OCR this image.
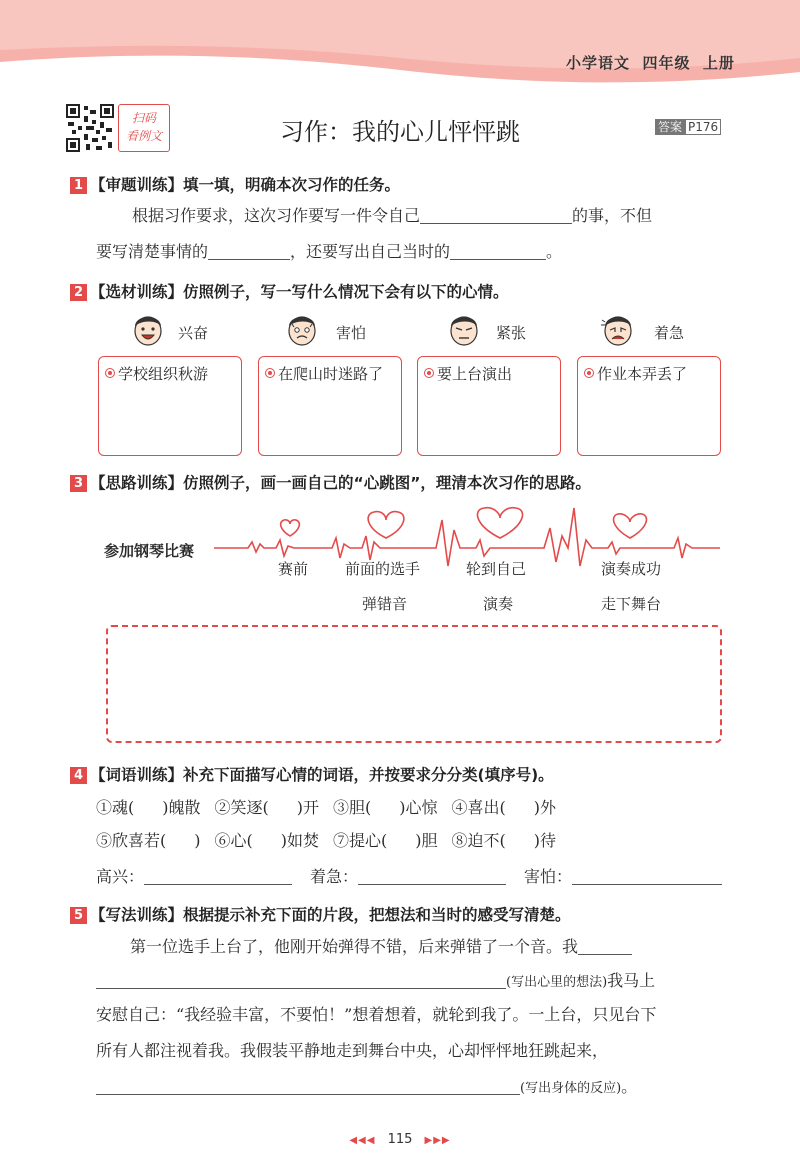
小学语文  四年级  上册
扫码
看例文	习作：我的心儿怦怦跳	答案 P176
1 【审题训练】填一填，明确本次习作的任务。
根据习作要求，这次习作要写一件令自己	的事，不但
要写清楚事情的	，还要写出自己当时的	。
2 【选材训练】仿照例子，写一写什么情况下会有以下的心情。
兴奋	害怕	紧张	着急
学校组织秋游	在爬山时迷路了	要上台演出	作业本弄丢了
3 【思路训练】仿照例子，画一画自己的“心跳图”，理清本次习作的思路。
参加钢琴比赛
赛前 前面的选手
弹错音
轮到自己
演奏
演奏成功
走下舞台
4 【词语训练】补充下面描写心情的词语，并按要求分分类(填序号)。
①魂( )魄散 ②笑逐( )开 ③胆( )心惊 ④喜出( )外
⑤欣喜若( ) ⑥心( )如焚 ⑦提心( )胆 ⑧迫不( )待
高兴：	着急：	害怕：
5 【写法训练】根据提示补充下面的片段，把想法和当时的感受写清楚。
第一位选手上台了，他刚开始弹得不错，后来弹错了一个音。我
(写出心里的想法)我马上
安慰自己：“我经验丰富，不要怕！”想着想着，就轮到我了。一上台，只见台下
所有人都注视着我。我假装平静地走到舞台中央，心却怦怦地狂跳起来，
(写出身体的反应)。
◀◀◀ 115 ▶▶▶
